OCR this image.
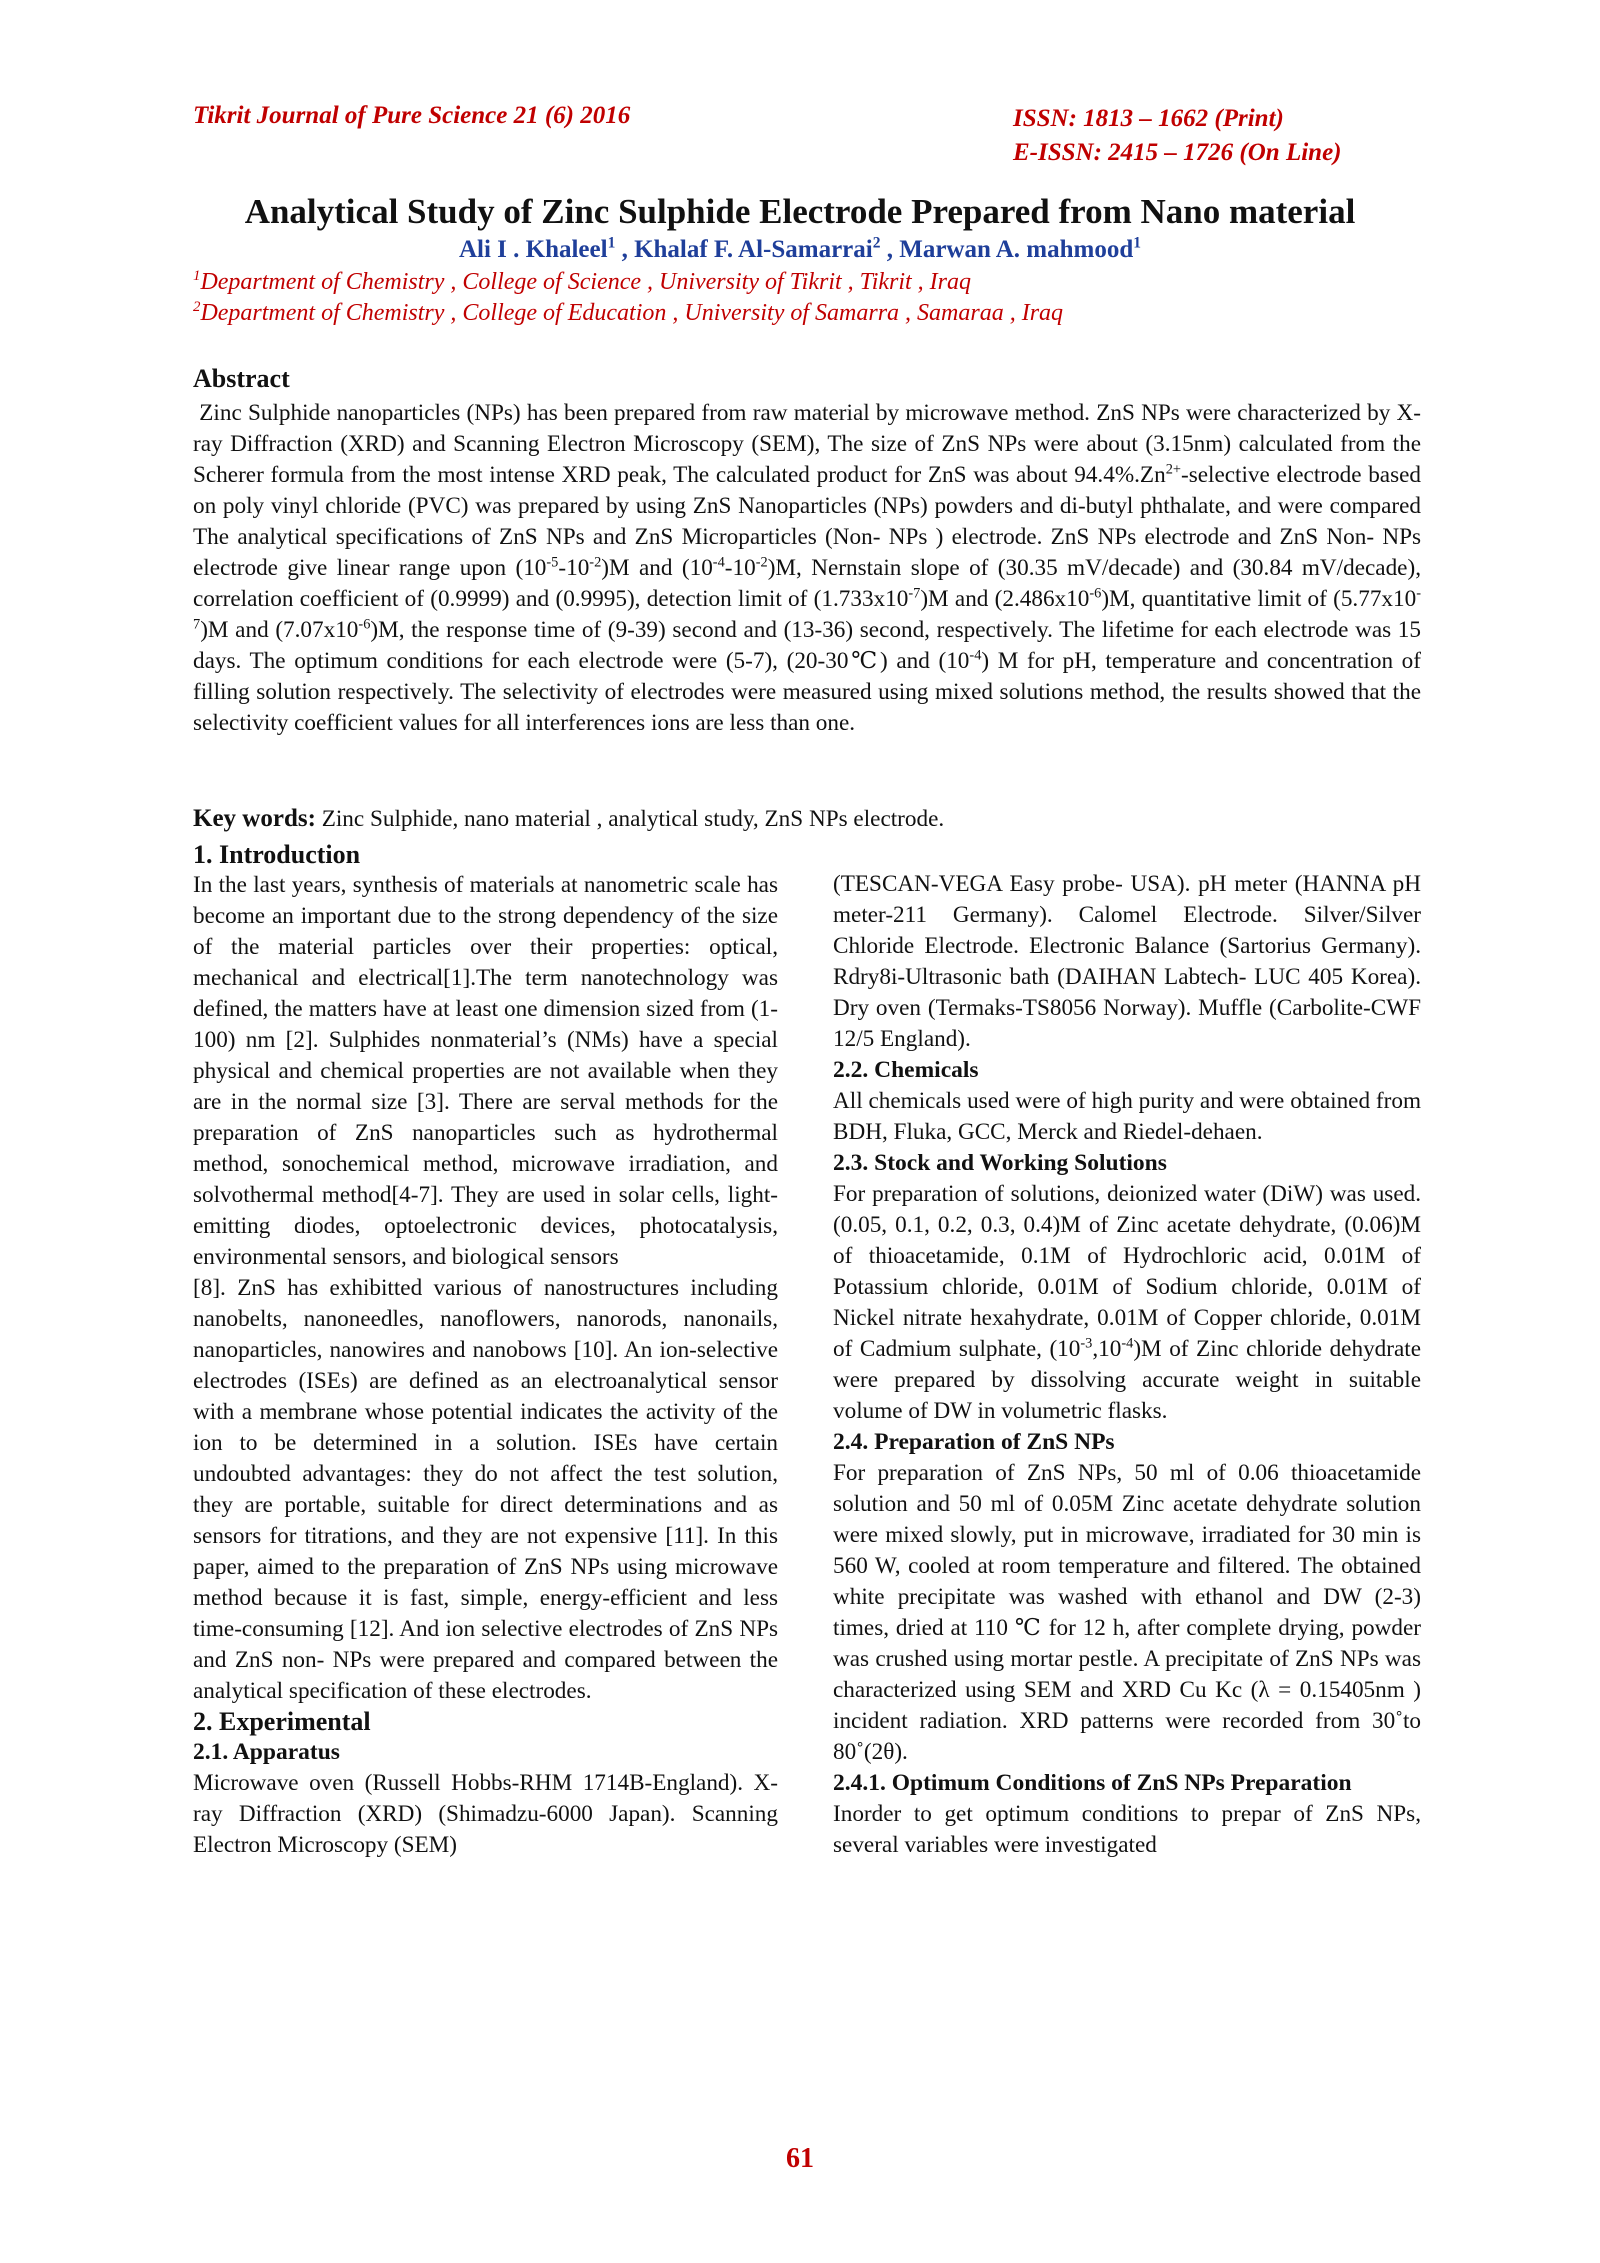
Tikrit Journal of Pure Science 21 (6) 2016	ISSN: 1813 – 1662 (Print)
E-ISSN: 2415 – 1726 (On Line)
Analytical Study of Zinc Sulphide Electrode Prepared from Nano material
Ali I . Khaleel$^1$ , Khalaf F. Al-Samarrai$^2$ , Marwan A. mahmood$^1$
$^1$Department of Chemistry , College of Science , University of Tikrit , Tikrit , Iraq
$^2$Department of Chemistry , College of Education , University of Samarra , Samaraa , Iraq
Abstract
Zinc Sulphide nanoparticles (NPs) has been prepared from raw material by microwave method. ZnS NPs were characterized by X-ray Diffraction (XRD) and Scanning Electron Microscopy (SEM), The size of ZnS NPs were about (3.15nm) calculated from the Scherer formula from the most intense XRD peak, The calculated product for ZnS was about $94.4\%.Zn^{2+}$-selective electrode based on poly vinyl chloride (PVC) was prepared by using ZnS Nanoparticles (NPs) powders and di-butyl phthalate, and were compared The analytical specifications of ZnS NPs and ZnS Microparticles (Non- NPs ) electrode. ZnS NPs electrode and ZnS Non- NPs electrode give linear range upon $(10^{-5}-10^{-2})M$ and $(10^{-4}-10^{-2})M$, Nernstain slope of (30.35 mV/decade) and (30.84 mV/decade), correlation coefficient of (0.9999) and (0.9995), detection limit of $(1.733x10^{-7})M$ and $(2.486x10^{-6})M$, quantitative limit of $(5.77x10^{-7})M$ and $(7.07x10^{-6})M$, the response time of (9-39) second and (13-36) second, respectively. The lifetime for each electrode was 15 days. The optimum conditions for each electrode were (5-7), (20-30℃) and $(10^{-4})$ M for pH, temperature and concentration of filling solution respectively. The selectivity of electrodes were measured using mixed solutions method, the results showed that the selectivity coefficient values for all interferences ions are less than one.
Key words: Zinc Sulphide, nano material , analytical study, ZnS NPs electrode.
1. Introduction

In the last years, synthesis of materials at nanometric scale has become an important due to the strong dependency of the size of the material particles over their properties: optical, mechanical and electrical[1].The term nanotechnology was defined, the matters have at least one dimension sized from (1-100) nm [2]. Sulphides nonmaterial’s (NMs) have a special physical and chemical properties are not available when they are in the normal size [3]. There are serval methods for the preparation of ZnS nanoparticles such as hydrothermal method, sonochemical method, microwave irradiation, and solvothermal method[4-7]. They are used in solar cells, light-emitting diodes, optoelectronic devices, photocatalysis, environmental sensors, and biological sensors

[8]. ZnS has exhibitted various of nanostructures including nanobelts, nanoneedles, nanoflowers, nanorods, nanonails, nanoparticles, nanowires and nanobows [10]. An ion-selective electrodes (ISEs) are defined as an electroanalytical sensor with a membrane whose potential indicates the activity of the ion to be determined in a solution. ISEs have certain undoubted advantages: they do not affect the test solution, they are portable, suitable for direct determinations and as sensors for titrations, and they are not expensive [11]. In this paper, aimed to the preparation of ZnS NPs using microwave method because it is fast, simple, energy-efficient and less time-consuming [12]. And ion selective electrodes of ZnS NPs and ZnS non- NPs were prepared and compared between the analytical specification of these electrodes.

2. Experimental
2.1. Apparatus

Microwave oven (Russell Hobbs-RHM 1714B-England). X-ray Diffraction (XRD) (Shimadzu-6000 Japan). Scanning Electron Microscopy (SEM)

(TESCAN-VEGA Easy probe- USA). pH meter (HANNA pH meter-211 Germany). Calomel Electrode. Silver/Silver Chloride Electrode. Electronic Balance (Sartorius Germany). Rdry8i-Ultrasonic bath (DAIHAN Labtech- LUC 405 Korea). Dry oven (Termaks-TS8056 Norway). Muffle (Carbolite-CWF 12/5 England).

2.2. Chemicals

All chemicals used were of high purity and were obtained from BDH, Fluka, GCC, Merck and Riedel-dehaen.

2.3. Stock and Working Solutions

For preparation of solutions, deionized water (DiW) was used. (0.05, 0.1, 0.2, 0.3, 0.4)M of Zinc acetate dehydrate, (0.06)M of thioacetamide, 0.1M of Hydrochloric acid, 0.01M of Potassium chloride, 0.01M of Sodium chloride, 0.01M of Nickel nitrate hexahydrate, 0.01M of Copper chloride, 0.01M of Cadmium sulphate, $(10^{-3},10^{-4})M$ of Zinc chloride dehydrate were prepared by dissolving accurate weight in suitable volume of DW in volumetric flasks.

2.4. Preparation of ZnS NPs

For preparation of ZnS NPs, 50 ml of 0.06 thioacetamide solution and 50 ml of 0.05M Zinc acetate dehydrate solution were mixed slowly, put in microwave, irradiated for 30 min is 560 W, cooled at room temperature and filtered. The obtained white precipitate was washed with ethanol and DW (2-3) times, dried at 110 ℃ for 12 h, after complete drying, powder was crushed using mortar pestle. A precipitate of ZnS NPs was characterized using SEM and XRD Cu Kc (λ = 0.15405nm ) incident radiation. XRD patterns were recorded from 30˚to 80˚(2θ).

2.4.1. Optimum Conditions of ZnS NPs Preparation

Inorder to get optimum conditions to prepar of ZnS NPs, several variables were investigated

61
